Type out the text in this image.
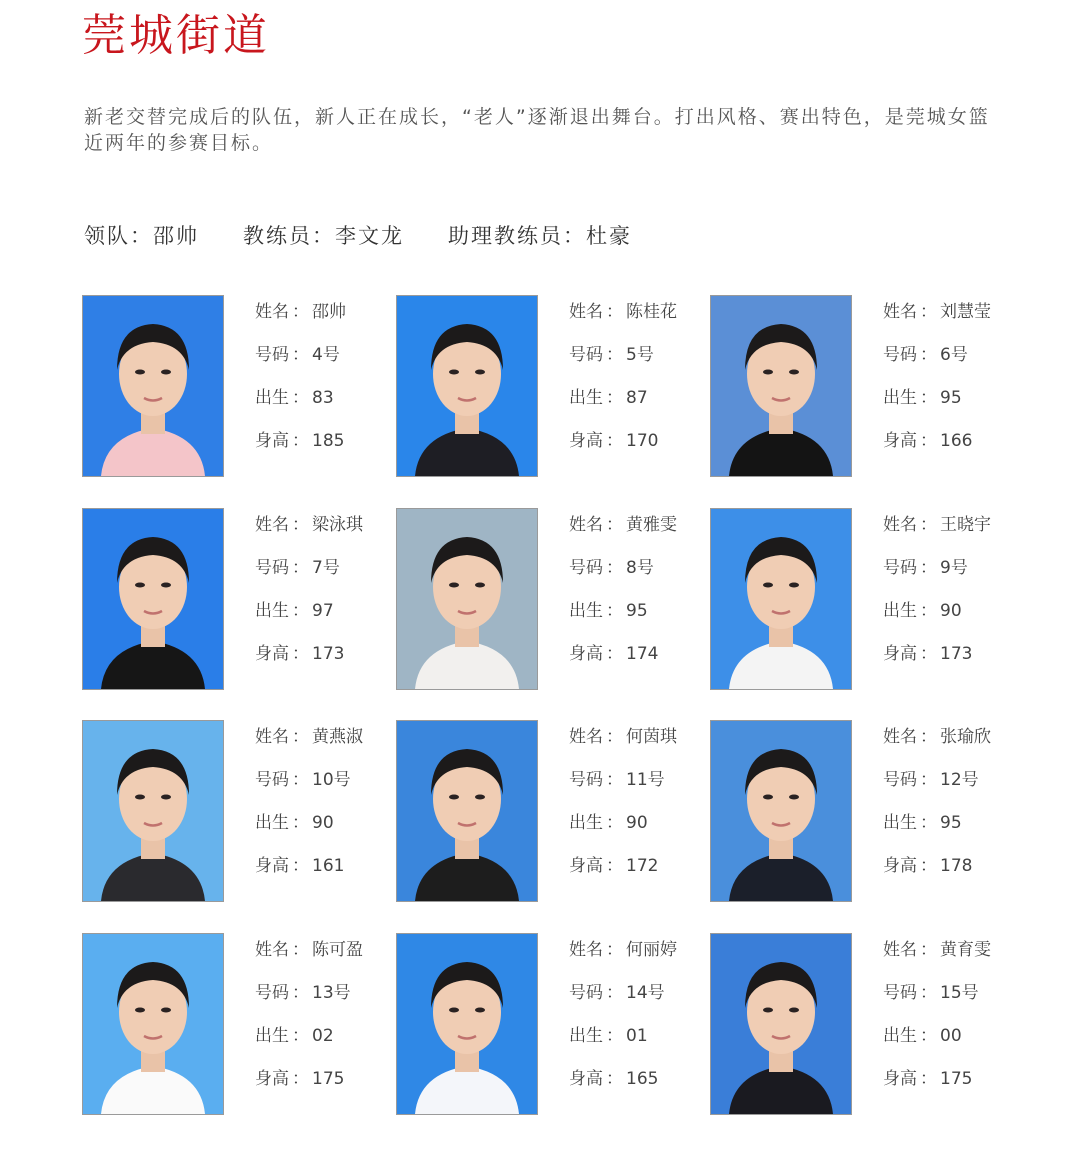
莞城街道
新老交替完成后的队伍，新人正在成长，“老人”逐渐退出舞台。打出风格、赛出特色，是莞城女篮近两年的参赛目标。
领队：邵帅 教练员：李文龙 助理教练员：杜豪
姓名 ： 邵帅
号码 ： 4号
出生 ： 83
身高 ： 185
姓名 ： 陈桂花
号码 ： 5号
出生 ： 87
身高 ： 170
姓名 ： 刘慧莹
号码 ： 6号
出生 ： 95
身高 ： 166
姓名 ： 梁泳琪
号码 ： 7号
出生 ： 97
身高 ： 173
姓名 ： 黄雅雯
号码 ： 8号
出生 ： 95
身高 ： 174
姓名 ： 王晓宇
号码 ： 9号
出生 ： 90
身高 ： 173
姓名 ： 黄燕淑
号码 ： 10号
出生 ： 90
身高 ： 161
姓名 ： 何茵琪
号码 ： 11号
出生 ： 90
身高 ： 172
姓名 ： 张瑜欣
号码 ： 12号
出生 ： 95
身高 ： 178
姓名 ： 陈可盈
号码 ： 13号
出生 ： 02
身高 ： 175
姓名 ： 何丽婷
号码 ： 14号
出生 ： 01
身高 ： 165
姓名 ： 黄育雯
号码 ： 15号
出生 ： 00
身高 ： 175
